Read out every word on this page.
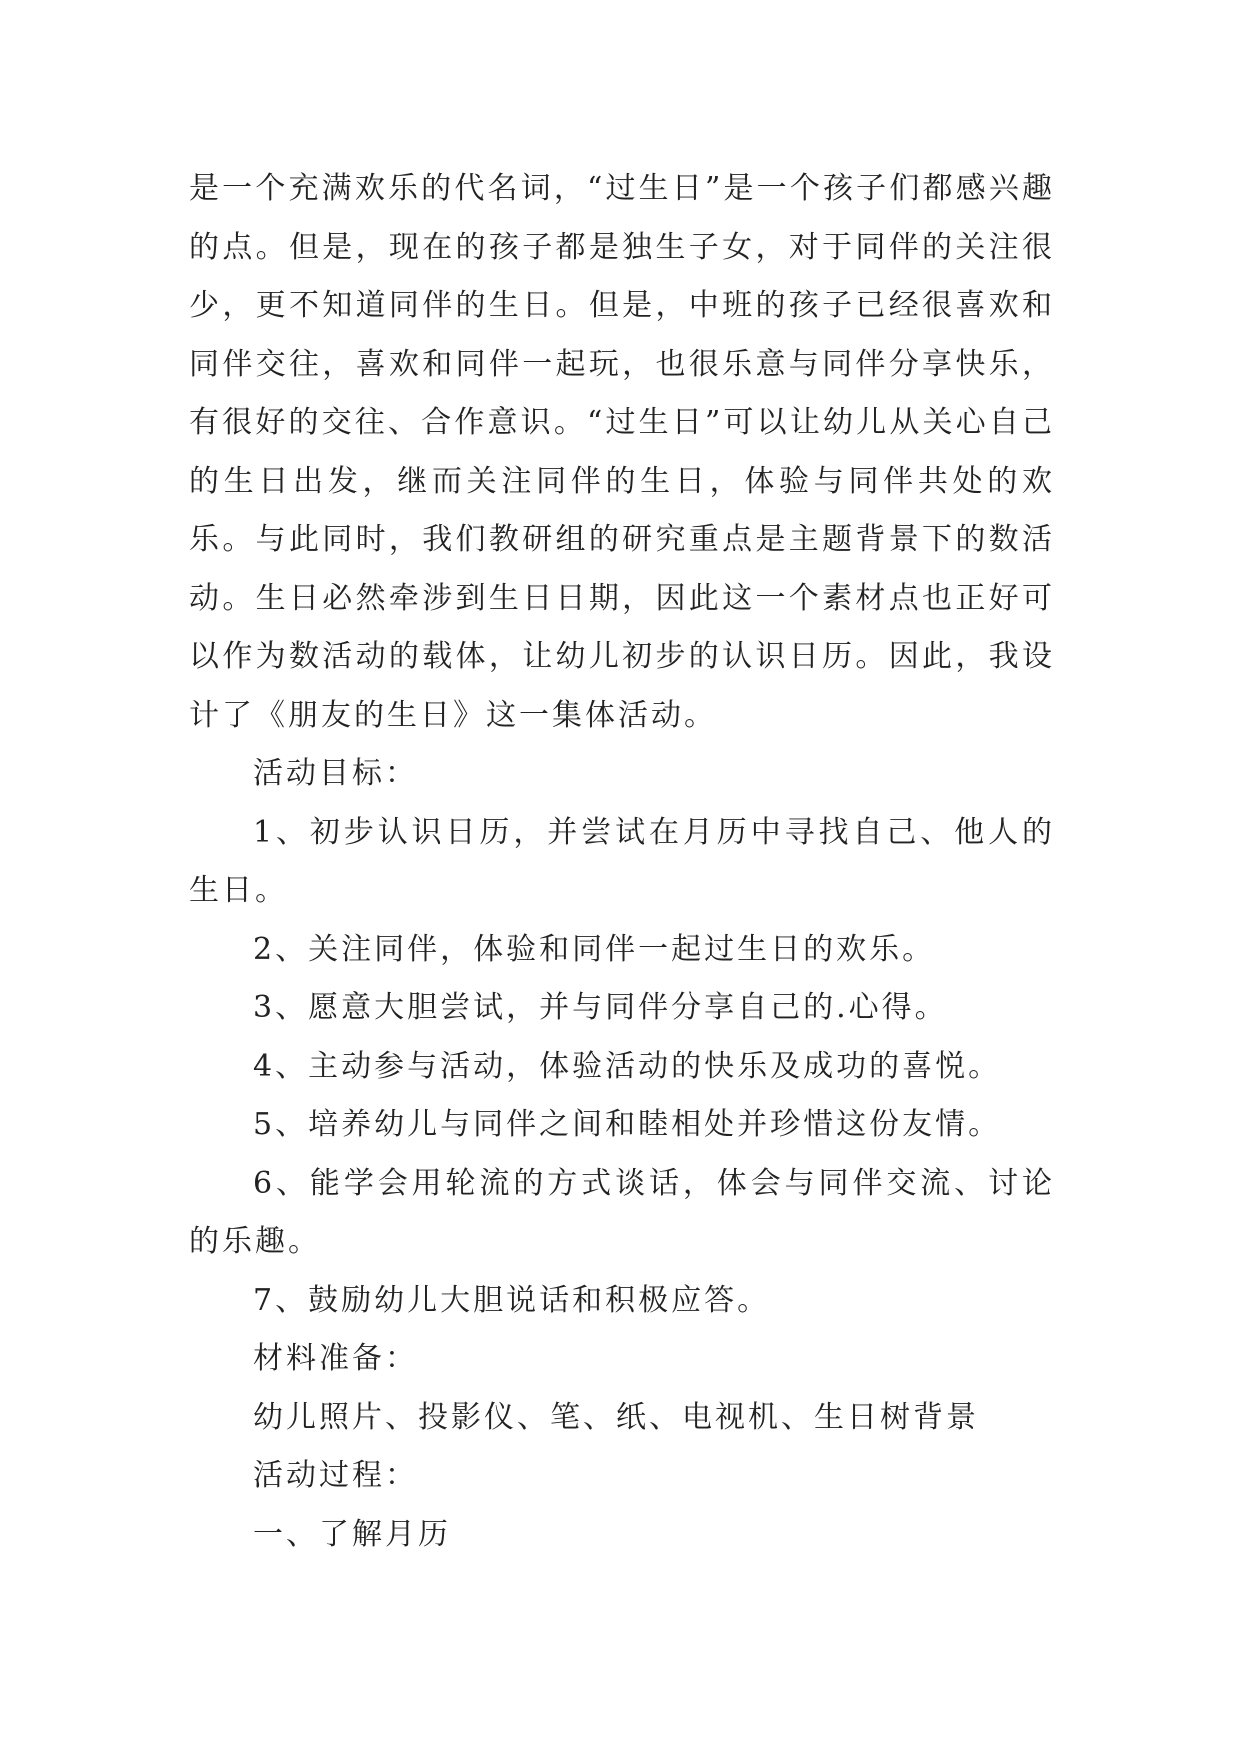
是一个充满欢乐的代名词，“过生日”是一个孩子们都感兴趣的点。但是，现在的孩子都是独生子女，对于同伴的关注很少，更不知道同伴的生日。但是，中班的孩子已经很喜欢和同伴交往，喜欢和同伴一起玩，也很乐意与同伴分享快乐，有很好的交往、合作意识。“过生日”可以让幼儿从关心自己的生日出发，继而关注同伴的生日，体验与同伴共处的欢乐。与此同时，我们教研组的研究重点是主题背景下的数活动。生日必然牵涉到生日日期，因此这一个素材点也正好可以作为数活动的载体，让幼儿初步的认识日历。因此，我设计了《朋友的生日》这一集体活动。

活动目标：

1、初步认识日历，并尝试在月历中寻找自己、他人的生日。

2、关注同伴，体验和同伴一起过生日的欢乐。

3、愿意大胆尝试，并与同伴分享自己的.心得。

4、主动参与活动，体验活动的快乐及成功的喜悦。

5、培养幼儿与同伴之间和睦相处并珍惜这份友情。

6、能学会用轮流的方式谈话，体会与同伴交流、讨论的乐趣。

7、鼓励幼儿大胆说话和积极应答。

材料准备：

幼儿照片、投影仪、笔、纸、电视机、生日树背景

活动过程：

一、了解月历
